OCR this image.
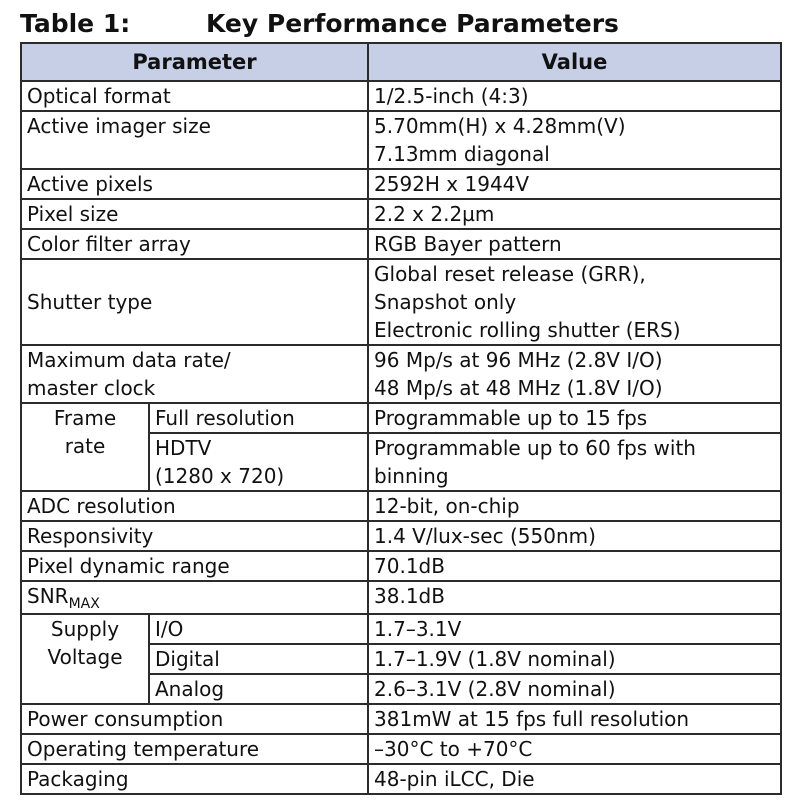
Table 1:	Key Performance Parameters
Parameter		Value
Optical format		1/2.5-inch (4:3)
Active imager size		5.70mm(H) x 4.28mm(V)
7.13mm diagonal

Active pixels		2592H x 1944V
Pixel size		2.2 x 2.2µm
Color filter array		RGB Bayer pattern
Shutter type		Global reset release (GRR),
Snapshot only
Electronic rolling shutter (ERS)

Maximum data rate/
master clock		96 Mp/s at 96 MHz (2.8V I/O)
48 Mp/s at 48 MHz (1.8V I/O)

Frame
rate	Full resolution	Programmable up to 15 fps

	HDTV
(1280 x 720)	Programmable up to 60 fps with
binning

ADC resolution		12-bit, on-chip
Responsivity		1.4 V/lux-sec (550nm)
Pixel dynamic range		70.1dB
$SNR_{MAX}$		38.1dB

Supply
Voltage	I/O	1.7–3.1V
	Digital	1.7–1.9V (1.8V nominal)
	Analog	2.6–3.1V (2.8V nominal)
Power consumption		381mW at 15 fps full resolution
Operating temperature		–30°C to +70°C
Packaging		48-pin iLCC, Die
